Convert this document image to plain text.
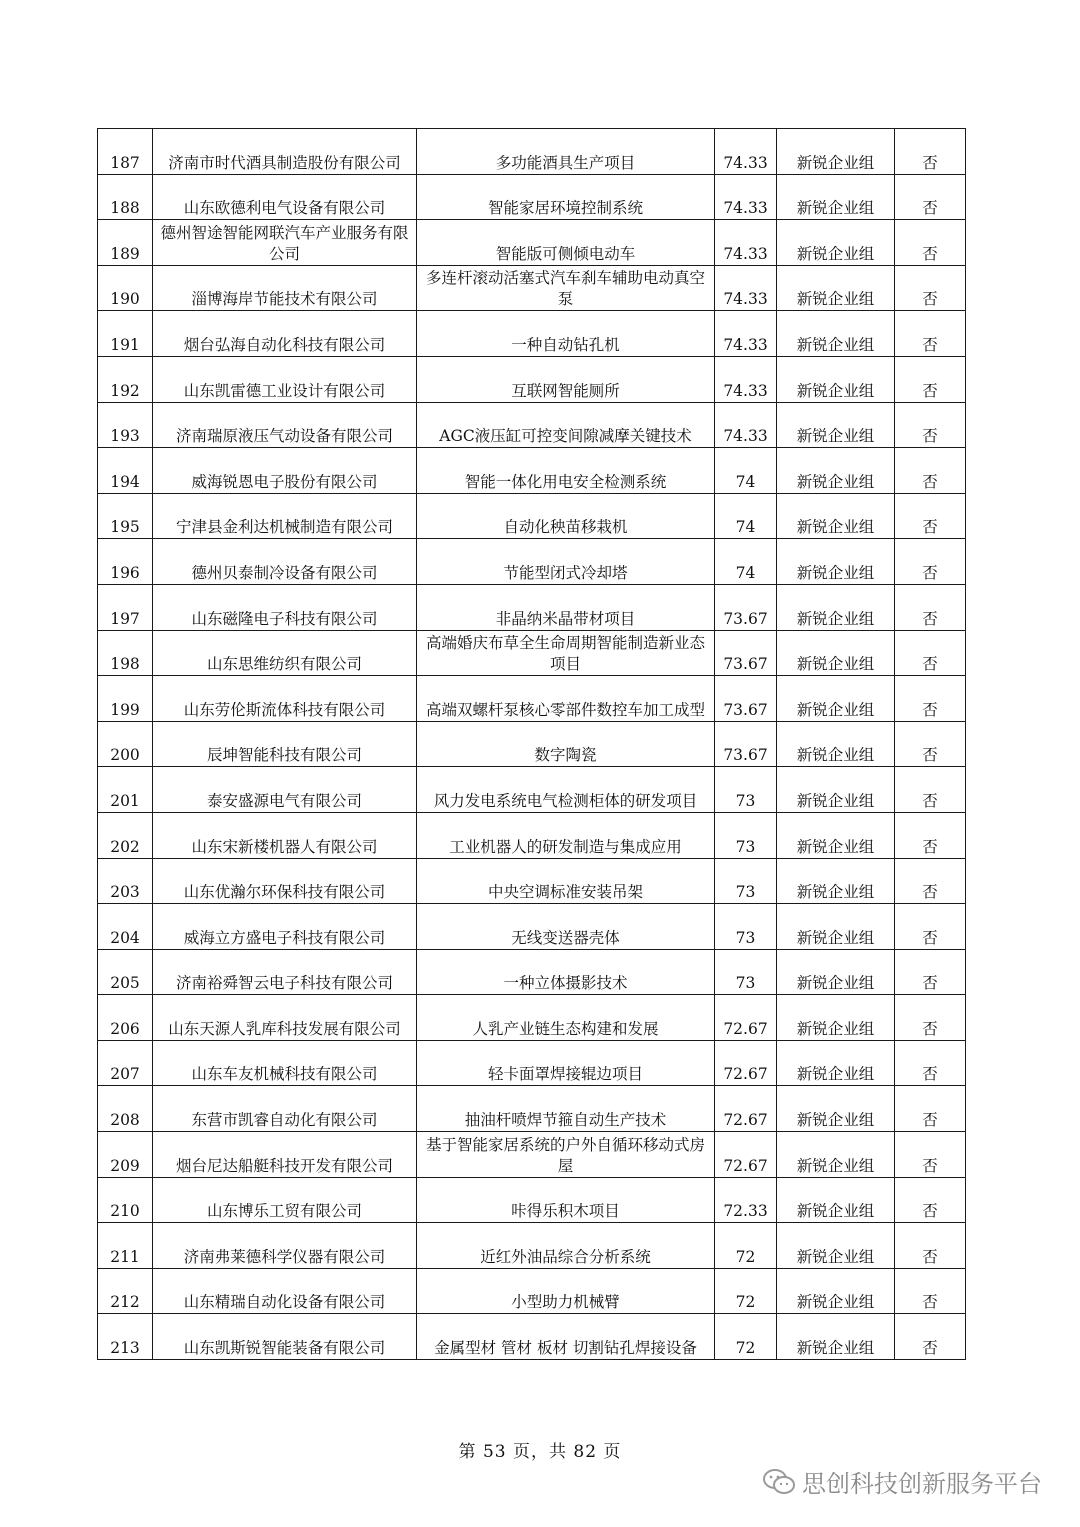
187	济南市时代酒具制造股份有限公司	多功能酒具生产项目	74.33	新锐企业组	否
188	山东欧德利电气设备有限公司	智能家居环境控制系统	74.33	新锐企业组	否
189	德州智途智能网联汽车产业服务有限公司	智能版可侧倾电动车	74.33	新锐企业组	否
190	淄博海岸节能技术有限公司	多连杆滚动活塞式汽车刹车辅助电动真空泵	74.33	新锐企业组	否
191	烟台弘海自动化科技有限公司	一种自动钻孔机	74.33	新锐企业组	否
192	山东凯雷德工业设计有限公司	互联网智能厕所	74.33	新锐企业组	否
193	济南瑞原液压气动设备有限公司	AGC液压缸可控变间隙减摩关键技术	74.33	新锐企业组	否
194	威海锐恩电子股份有限公司	智能一体化用电安全检测系统	74	新锐企业组	否
195	宁津县金利达机械制造有限公司	自动化秧苗移栽机	74	新锐企业组	否
196	德州贝泰制冷设备有限公司	节能型闭式冷却塔	74	新锐企业组	否
197	山东磁隆电子科技有限公司	非晶纳米晶带材项目	73.67	新锐企业组	否
198	山东思维纺织有限公司	高端婚庆布草全生命周期智能制造新业态项目	73.67	新锐企业组	否
199	山东劳伦斯流体科技有限公司	高端双螺杆泵核心零部件数控车加工成型	73.67	新锐企业组	否
200	辰坤智能科技有限公司	数字陶瓷	73.67	新锐企业组	否
201	泰安盛源电气有限公司	风力发电系统电气检测柜体的研发项目	73	新锐企业组	否
202	山东宋新楼机器人有限公司	工业机器人的研发制造与集成应用	73	新锐企业组	否
203	山东优瀚尔环保科技有限公司	中央空调标准安装吊架	73	新锐企业组	否
204	威海立方盛电子科技有限公司	无线变送器壳体	73	新锐企业组	否
205	济南裕舜智云电子科技有限公司	一种立体摄影技术	73	新锐企业组	否
206	山东天源人乳库科技发展有限公司	人乳产业链生态构建和发展	72.67	新锐企业组	否
207	山东车友机械科技有限公司	轻卡面罩焊接辊边项目	72.67	新锐企业组	否
208	东营市凯睿自动化有限公司	抽油杆喷焊节箍自动生产技术	72.67	新锐企业组	否
209	烟台尼达船艇科技开发有限公司	基于智能家居系统的户外自循环移动式房屋	72.67	新锐企业组	否
210	山东博乐工贸有限公司	咔得乐积木项目	72.33	新锐企业组	否
211	济南弗莱德科学仪器有限公司	近红外油品综合分析系统	72	新锐企业组	否
212	山东精瑞自动化设备有限公司	小型助力机械臂	72	新锐企业组	否
213	山东凯斯锐智能装备有限公司	金属型材 管材 板材 切割钻孔焊接设备	72	新锐企业组	否
第 53 页，共 82 页
思创科技创新服务平台
